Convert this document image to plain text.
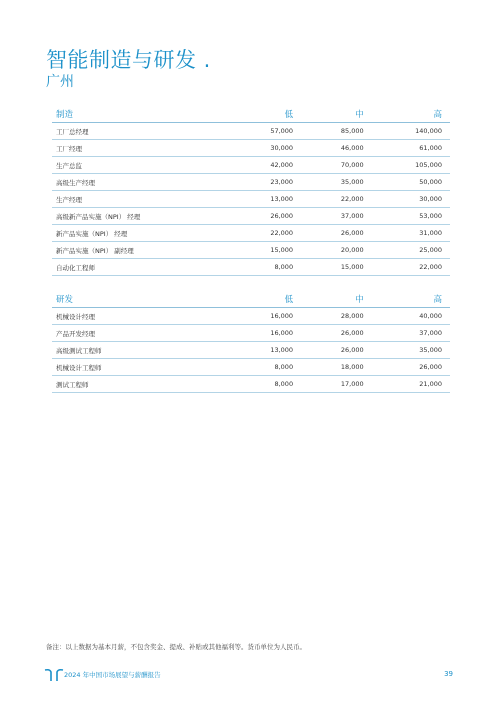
智能制造与研发 .
广州
制造	低	中	高
工厂总经理	57,000	85,000	140,000
工厂经理	30,000	46,000	61,000
生产总监	42,000	70,000	105,000
高级生产经理	23,000	35,000	50,000
生产经理	13,000	22,000	30,000
高级新产品实施（NPI） 经理	26,000	37,000	53,000
新产品实施（NPI） 经理	22,000	26,000	31,000
新产品实施（NPI） 副经理	15,000	20,000	25,000
自动化工程师	8,000	15,000	22,000
研发	低	中	高
机械设计经理	16,000	28,000	40,000
产品开发经理	16,000	26,000	37,000
高级测试工程师	13,000	26,000	35,000
机械设计工程师	8,000	18,000	26,000
测试工程师	8,000	17,000	21,000
备注：以上数据为基本月薪，不包含奖金、提成、补贴或其他福利等。货币单位为人民币。
2024 年中国市场展望与薪酬报告	39
